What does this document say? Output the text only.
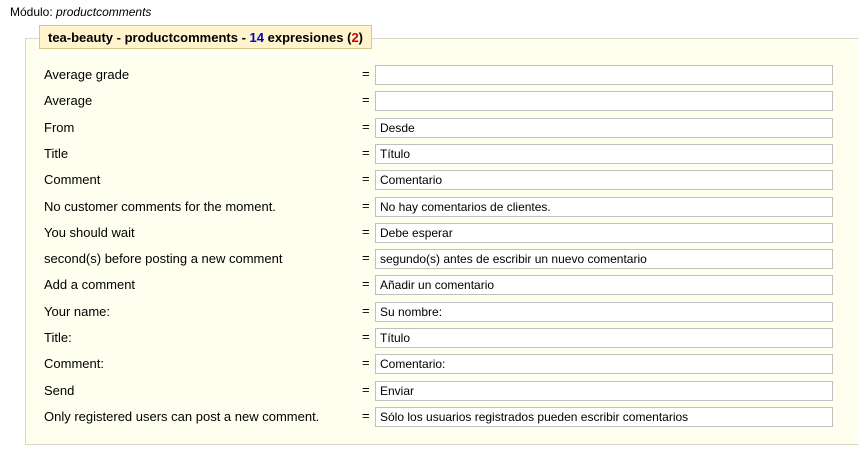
Módulo: productcomments
tea-beauty - productcomments - 14 expresiones (2)
Average grade	=
Average	=
From	=
Desde
Title	=
Título
Comment	=
Comentario
No customer comments for the moment.	=
No hay comentarios de clientes.
You should wait	=
Debe esperar
second(s) before posting a new comment	=
segundo(s) antes de escribir un nuevo comentario
Add a comment	=
Añadir un comentario
Your name:	=
Su nombre:
Title:	=
Título
Comment:	=
Comentario:
Send	=
Enviar
Only registered users can post a new comment.	=
Sólo los usuarios registrados pueden escribir comentarios
